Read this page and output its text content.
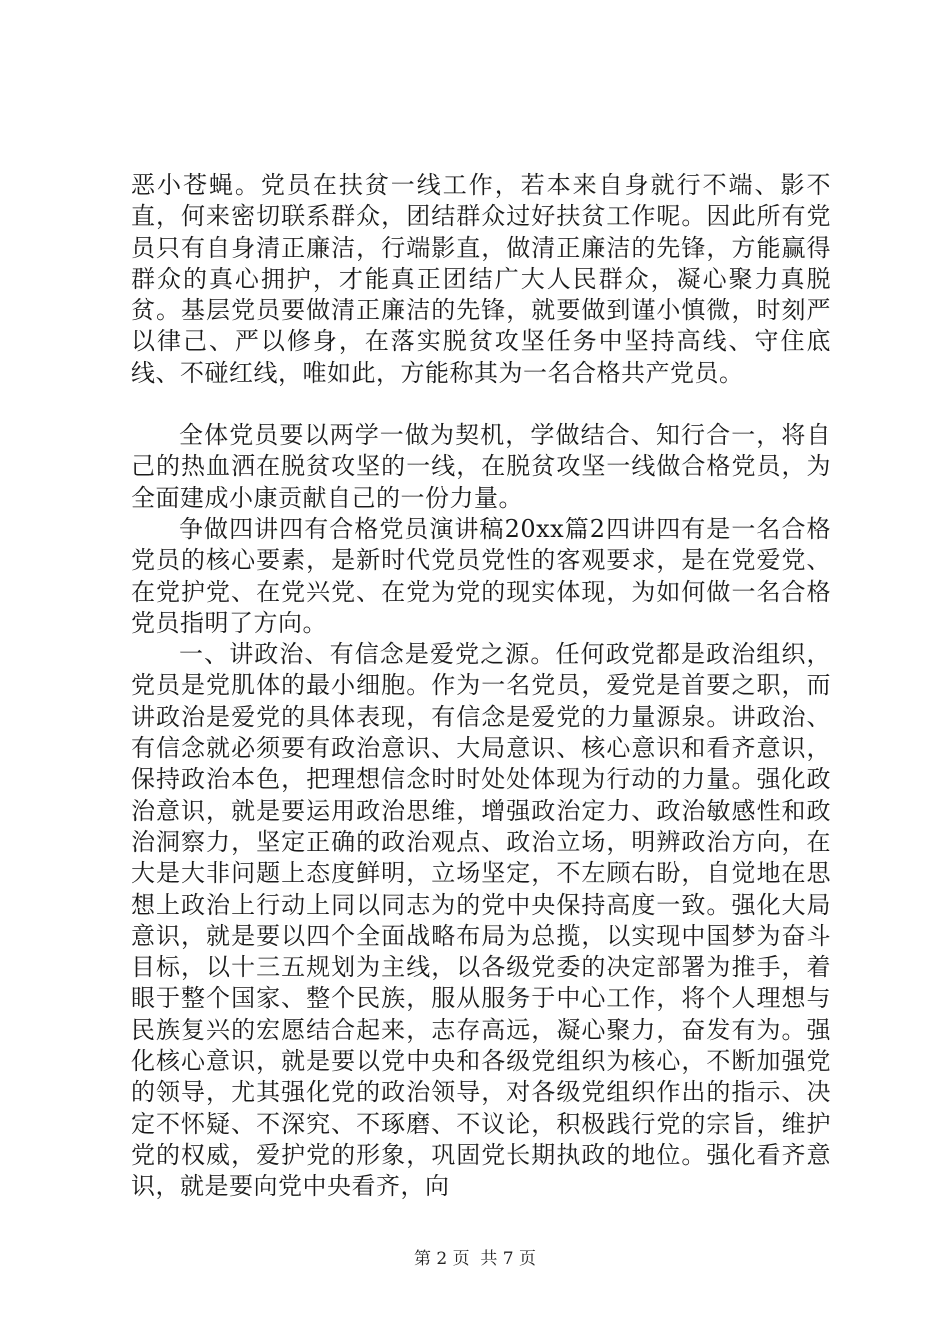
恶小苍蝇。党员在扶贫一线工作，若本来自身就行不端、影不直，何来密切联系群众，团结群众过好扶贫工作呢。因此所有党员只有自身清正廉洁，行端影直，做清正廉洁的先锋，方能赢得群众的真心拥护，才能真正团结广大人民群众，凝心聚力真脱贫。基层党员要做清正廉洁的先锋，就要做到谨小慎微，时刻严以律己、严以修身，在落实脱贫攻坚任务中坚持高线、守住底线、不碰红线，唯如此，方能称其为一名合格共产党员。

全体党员要以两学一做为契机，学做结合、知行合一，将自己的热血洒在脱贫攻坚的一线，在脱贫攻坚一线做合格党员，为全面建成小康贡献自己的一份力量。

争做四讲四有合格党员演讲稿20xx篇2四讲四有是一名合格党员的核心要素，是新时代党员党性的客观要求，是在党爱党、在党护党、在党兴党、在党为党的现实体现，为如何做一名合格党员指明了方向。

一、讲政治、有信念是爱党之源。任何政党都是政治组织，党员是党肌体的最小细胞。作为一名党员，爱党是首要之职，而讲政治是爱党的具体表现，有信念是爱党的力量源泉。讲政治、有信念就必须要有政治意识、大局意识、核心意识和看齐意识，保持政治本色，把理想信念时时处处体现为行动的力量。强化政治意识，就是要运用政治思维，增强政治定力、政治敏感性和政治洞察力，坚定正确的政治观点、政治立场，明辨政治方向，在大是大非问题上态度鲜明，立场坚定，不左顾右盼，自觉地在思想上政治上行动上同以同志为的党中央保持高度一致。强化大局意识，就是要以四个全面战略布局为总揽，以实现中国梦为奋斗目标，以十三五规划为主线，以各级党委的决定部署为推手，着眼于整个国家、整个民族，服从服务于中心工作，将个人理想与民族复兴的宏愿结合起来，志存高远，凝心聚力，奋发有为。强化核心意识，就是要以党中央和各级党组织为核心，不断加强党的领导，尤其强化党的政治领导，对各级党组织作出的指示、决定不怀疑、不深究、不琢磨、不议论，积极践行党的宗旨，维护党的权威，爱护党的形象，巩固党长期执政的地位。强化看齐意识，就是要向党中央看齐，向

第 2 页  共 7 页
